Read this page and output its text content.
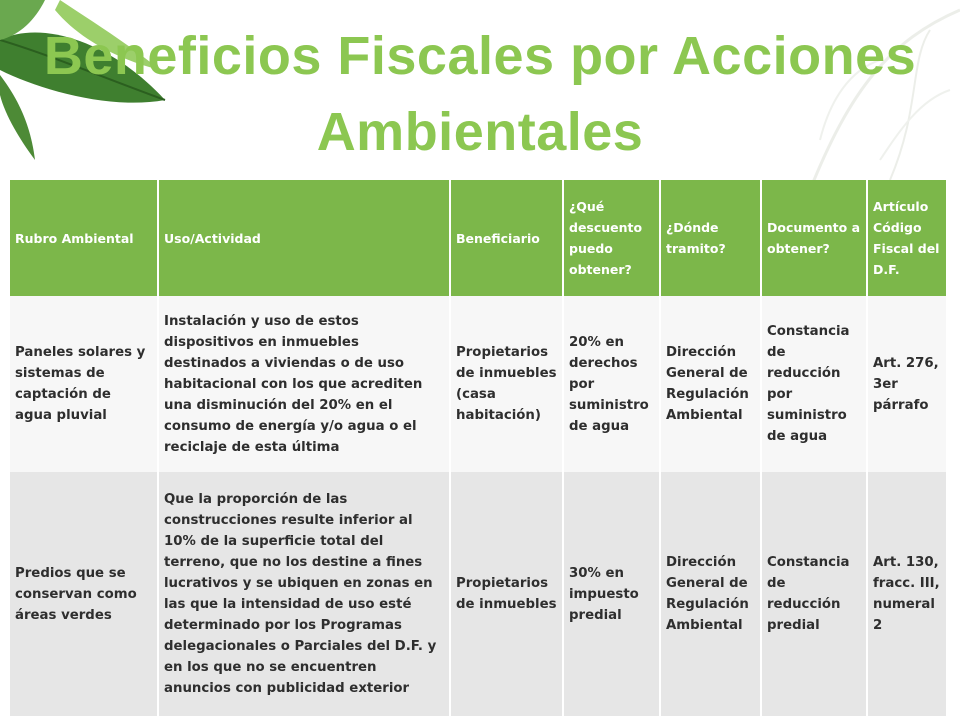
Beneficios Fiscales por Acciones Ambientales
Rubro Ambiental	Uso/Actividad	Beneficiario	¿Qué descuento puedo obtener?	¿Dónde tramito?	Documento a obtener?	Artículo Código Fiscal del D.F.
Paneles solares y sistemas de captación de agua pluvial	Instalación y uso de estos dispositivos en inmuebles destinados a viviendas o de uso habitacional con los que acrediten una disminución del 20% en el consumo de energía y/o agua o el reciclaje de esta última	Propietarios de inmuebles (casa habitación)	20% en derechos por suministro de agua	Dirección General de Regulación Ambiental	Constancia de reducción por suministro de agua	Art. 276, 3er párrafo
Predios que se conservan como áreas verdes	Que la proporción de las construcciones resulte inferior al 10% de la superficie total del terreno, que no los destine a fines lucrativos y se ubiquen en zonas en las que la intensidad de uso esté determinado por los Programas delegacionales o Parciales del D.F. y en los que no se encuentren anuncios con publicidad exterior	Propietarios de inmuebles	30% en impuesto predial	Dirección General de Regulación Ambiental	Constancia de reducción predial	Art. 130, fracc. III, numeral 2
